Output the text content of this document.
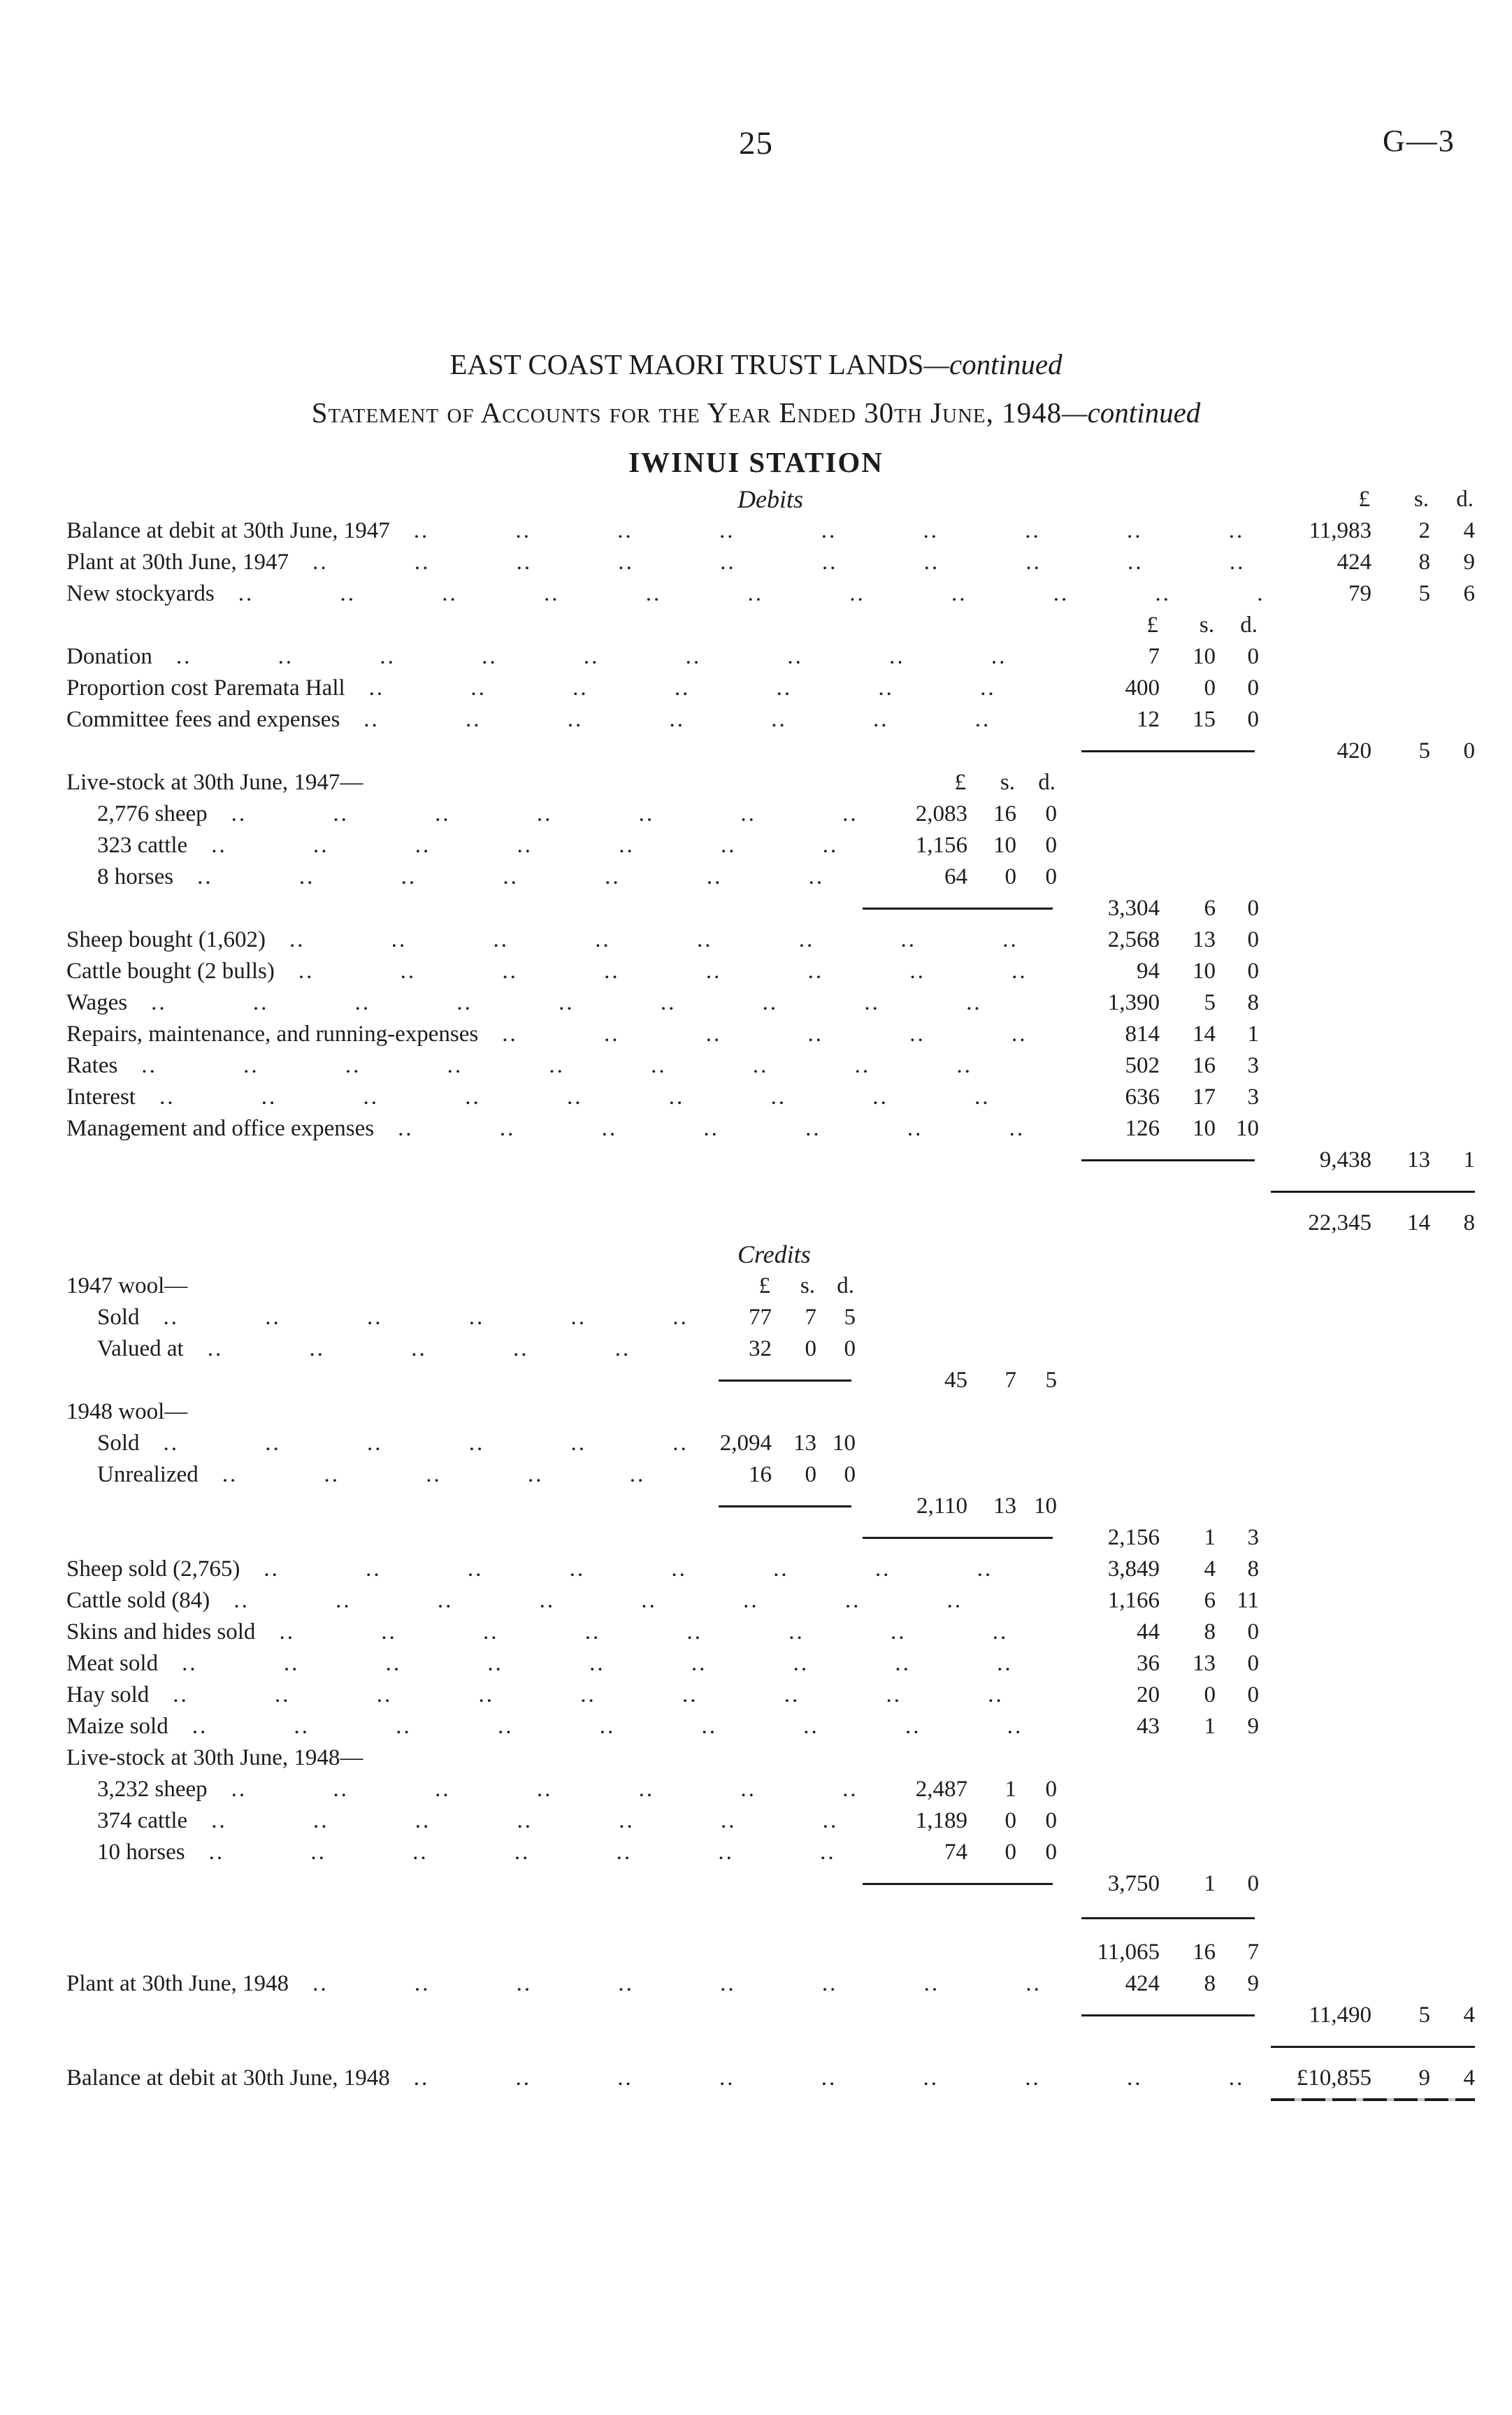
25	G—3
EAST COAST MAORI TRUST LANDS—continued
Statement of Accounts for the Year Ended 30th June, 1948—continued
IWINUI STATION
Debits	£	s.	d.
Balance at debit at 30th June, 1947 .. ..	11,983	2	4
Plant at 30th June, 1947 .. ..	424	8	9
New stockyards .. ..	79	5	6
£	s.	d.
Donation .. ..	7	10	0
Proportion cost Paremata Hall .. ..	400	0	0
Committee fees and expenses .. ..	12	15	0
420	5	0
Live-stock at 30th June, 1947—	£	s.	d.
2,776 sheep .. ..	2,083	16	0
323 cattle .. ..	1,156	10	0
8 horses .. ..	64	0	0
3,304	6	0
Sheep bought (1,602) .. ..	2,568	13	0
Cattle bought (2 bulls) .. ..	94	10	0
Wages .. ..	1,390	5	8
Repairs, maintenance, and running-expenses .. ..	814	14	1
Rates .. ..	502	16	3
Interest .. ..	636	17	3
Management and office expenses .. ..	126	10 10
9,438	13	1
22,345	14	8
Credits
1947 wool—	£	s. d.
Sold .. ..	77	7	5
Valued at .. ..	32	0	0
45	7	5
1948 wool—
Sold .. ..	2,094 13 10
Unrealized .. ..	16	0	0
2,110	13 10
2,156	1	3
Sheep sold (2,765) .. ..	3,849	4	8
Cattle sold (84) .. ..	1,166	6 11
Skins and hides sold .. ..	44	8	0
Meat sold .. ..	36	13	0
Hay sold .. ..	20	0	0
Maize sold .. ..	43	1	9
Live-stock at 30th June, 1948—
3,232 sheep .. ..	2,487	1	0
374 cattle .. ..	1,189	0	0
10 horses .. ..	74	0	0
3,750	1	0
11,065	16	7
Plant at 30th June, 1948 .. ..	424	8	9
11,490	5	4
Balance at debit at 30th June, 1948 .. ..	£10,855	9	4
